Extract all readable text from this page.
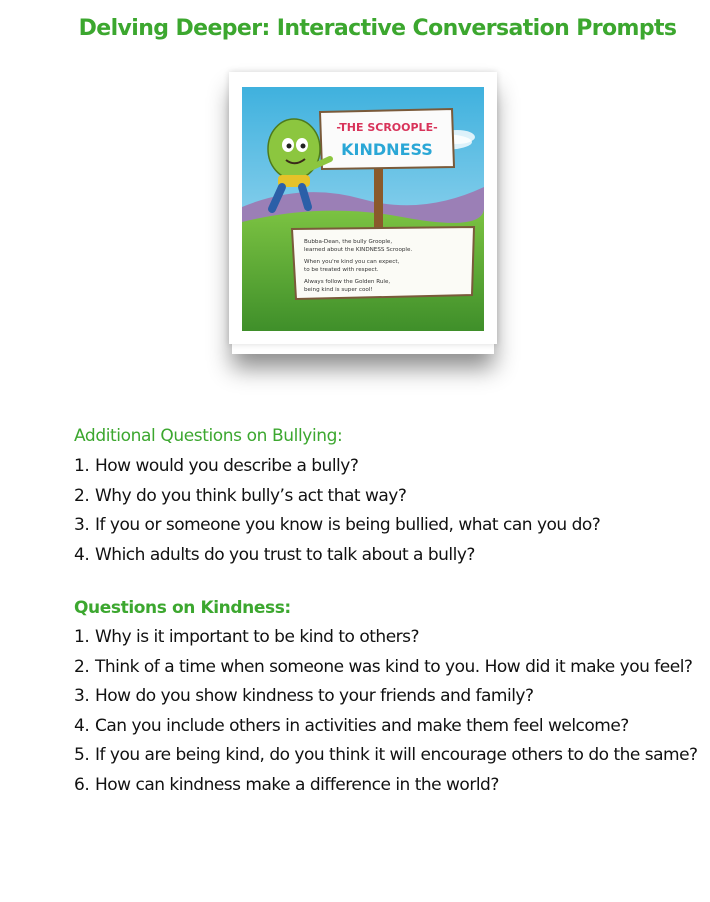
Delving Deeper: Interactive Conversation Prompts
-THE SCROOPLE-
KINDNESS
Bubba-Dean, the bully Groople,
learned about the KINDNESS Scroople.
When you're kind you can expect,
to be treated with respect.
Always follow the Golden Rule,
being kind is super cool!
Additional Questions on Bullying:
1. How would you describe a bully?
2. Why do you think bully’s act that way?
3. If you or someone you know is being bullied, what can you do?
4. Which adults do you trust to talk about a bully?
Questions on Kindness:
1. Why is it important to be kind to others?
2. Think of a time when someone was kind to you. How did it make you feel?
3. How do you show kindness to your friends and family?
4. Can you include others in activities and make them feel welcome?
5. If you are being kind, do you think it will encourage others to do the same?
6. How can kindness make a difference in the world?
